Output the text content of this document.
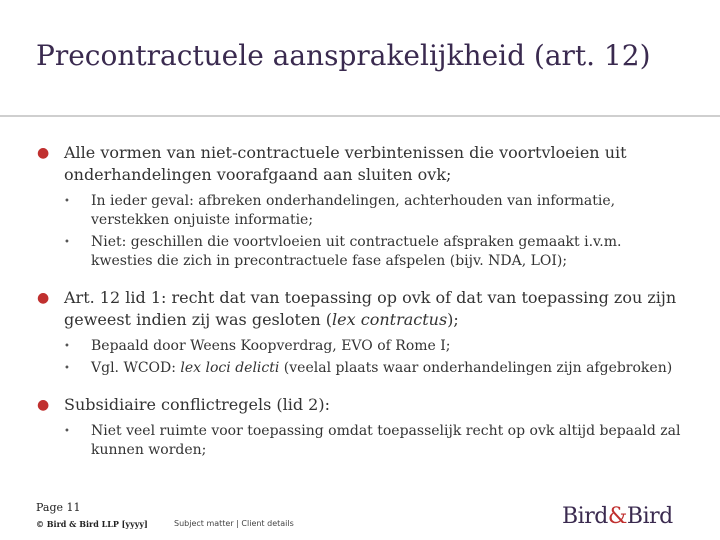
Precontractuele aansprakelijkheid (art. 12)
● Alle vormen van niet-contractuele verbintenissen die voortvloeien uit onderhandelingen voorafgaand aan sluiten ovk;
• In ieder geval: afbreken onderhandelingen, achterhouden van informatie, verstekken onjuiste informatie;
• Niet: geschillen die voortvloeien uit contractuele afspraken gemaakt i.v.m. kwesties die zich in precontractuele fase afspelen (bijv. NDA, LOI);
● Art. 12 lid 1: recht dat van toepassing op ovk of dat van toepassing zou zijn geweest indien zij was gesloten (lex contractus);
• Bepaald door Weens Koopverdrag, EVO of Rome I;
• Vgl. WCOD: lex loci delicti (veelal plaats waar onderhandelingen zijn afgebroken)
● Subsidiaire conflictregels (lid 2):
• Niet veel ruimte voor toepassing omdat toepasselijk recht op ovk altijd bepaald zal kunnen worden;
Page 11
© Bird & Bird LLP [yyyy]	Subject matter | Client details	Bird&Bird
